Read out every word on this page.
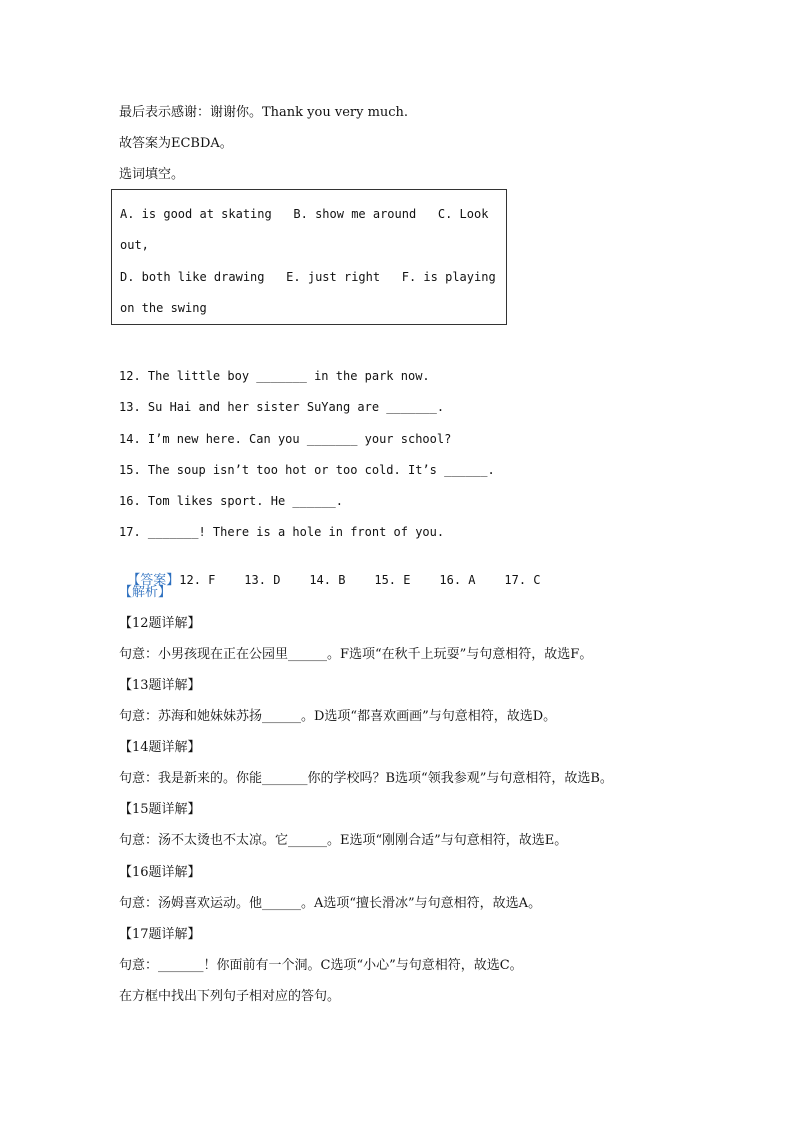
最后表示感谢：谢谢你。Thank you very much.
故答案为ECBDA。
选词填空。
A. is good at skating   B. show me around   C. Look
out,
D. both like drawing   E. just right   F. is playing
on the swing
12. The little boy _______ in the park now.
13. Su Hai and her sister SuYang are _______.
14. I’m new here. Can you _______ your school?
15. The soup isn’t too hot or too cold. It’s ______.
16. Tom likes sport. He ______.
17. _______! There is a hole in front of you.

【答案】12. F    13. D    14. B    15. E    16. A    17. C

【解析】
【12题详解】
句意：小男孩现在正在公园里______。F选项“在秋千上玩耍”与句意相符，故选F。
【13题详解】
句意：苏海和她妹妹苏扬______。D选项“都喜欢画画”与句意相符，故选D。
【14题详解】
句意：我是新来的。你能_______你的学校吗？B选项“领我参观”与句意相符，故选B。
【15题详解】
句意：汤不太烫也不太凉。它______。E选项“刚刚合适”与句意相符，故选E。
【16题详解】
句意：汤姆喜欢运动。他______。A选项“擅长滑冰”与句意相符，故选A。
【17题详解】
句意：_______！你面前有一个洞。C选项“小心”与句意相符，故选C。
在方框中找出下列句子相对应的答句。
